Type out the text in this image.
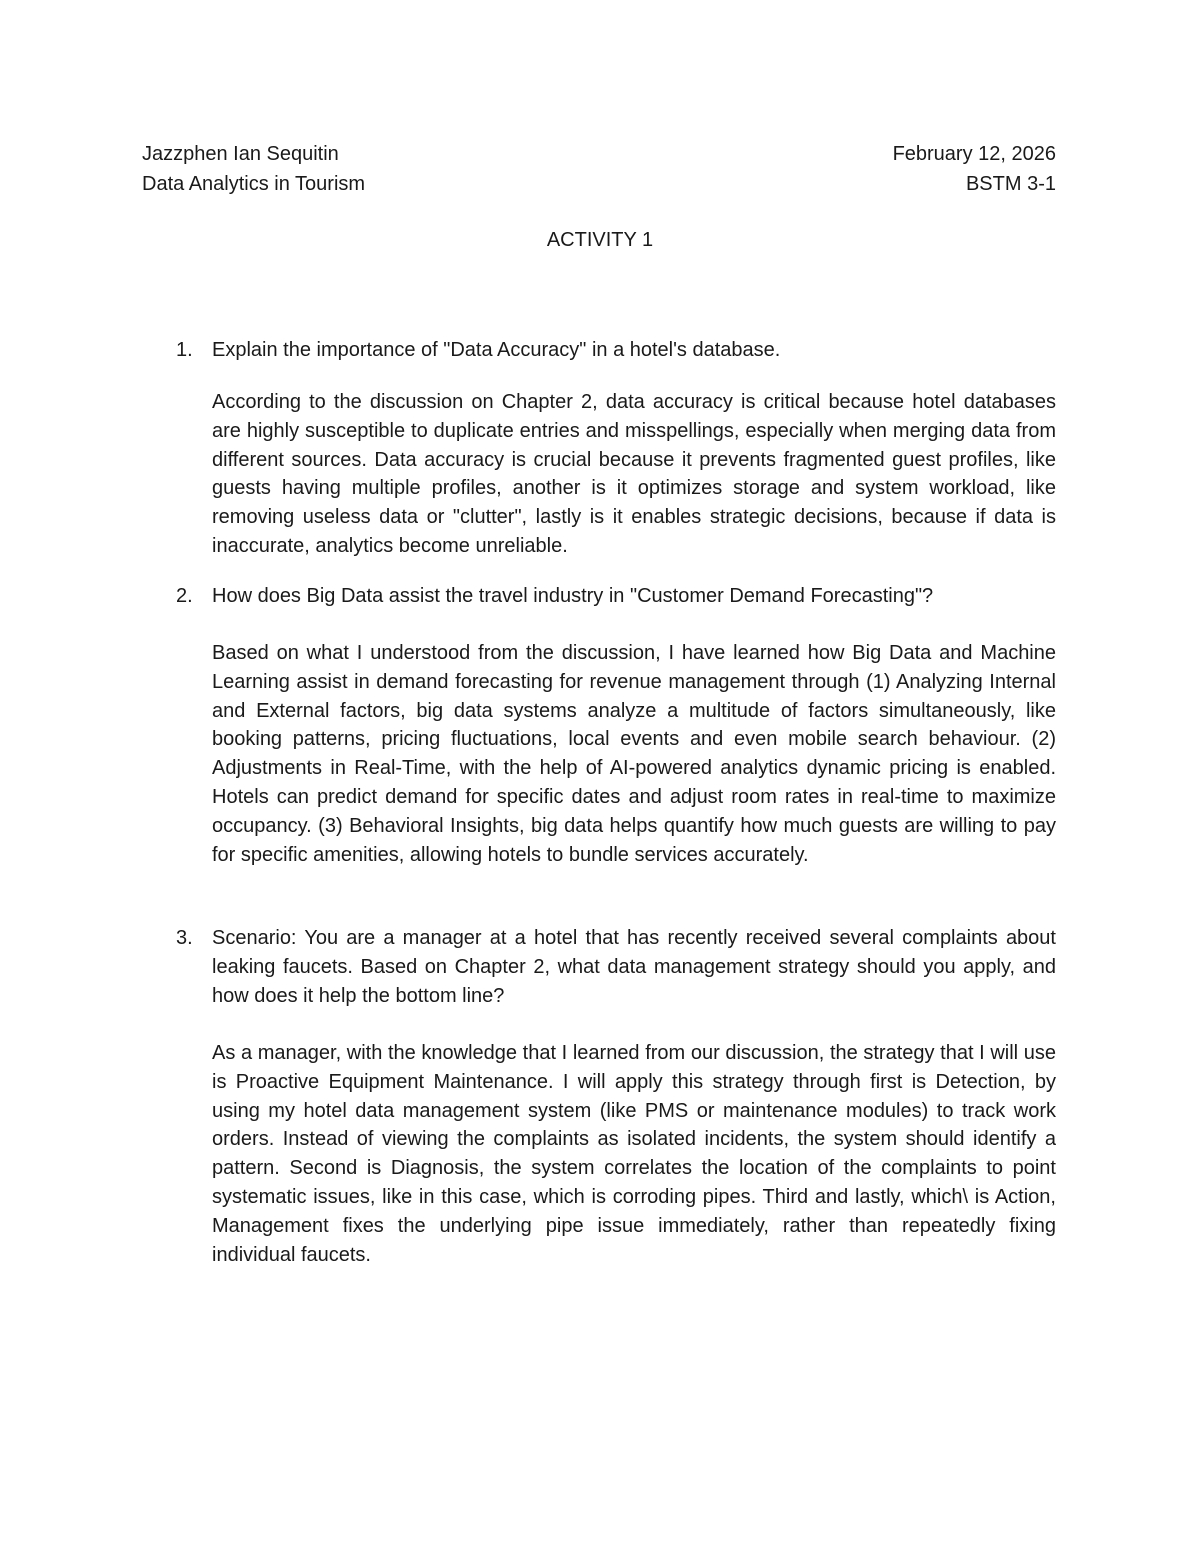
Jazzphen Ian Sequitin	February 12, 2026
Data Analytics in Tourism	BSTM 3-1
ACTIVITY 1
1. Explain the importance of "Data Accuracy" in a hotel's database.
According to the discussion on Chapter 2, data accuracy is critical because hotel databases are highly susceptible to duplicate entries and misspellings, especially when merging data from different sources. Data accuracy is crucial because it prevents fragmented guest profiles, like guests having multiple profiles, another is it optimizes storage and system workload, like removing useless data or "clutter", lastly is it enables strategic decisions, because if data is inaccurate, analytics become unreliable.
2. How does Big Data assist the travel industry in "Customer Demand Forecasting"?
Based on what I understood from the discussion, I have learned how Big Data and Machine Learning assist in demand forecasting for revenue management through (1) Analyzing Internal and External factors, big data systems analyze a multitude of factors simultaneously, like booking patterns, pricing fluctuations, local events and even mobile search behaviour. (2) Adjustments in Real-Time, with the help of AI-powered analytics dynamic pricing is enabled. Hotels can predict demand for specific dates and adjust room rates in real-time to maximize occupancy. (3) Behavioral Insights, big data helps quantify how much guests are willing to pay for specific amenities, allowing hotels to bundle services accurately.
3. Scenario: You are a manager at a hotel that has recently received several complaints about leaking faucets. Based on Chapter 2, what data management strategy should you apply, and how does it help the bottom line?
As a manager, with the knowledge that I learned from our discussion, the strategy that I will use is Proactive Equipment Maintenance. I will apply this strategy through first is Detection, by using my hotel data management system (like PMS or maintenance modules) to track work orders. Instead of viewing the complaints as isolated incidents, the system should identify a pattern. Second is Diagnosis, the system correlates the location of the complaints to point systematic issues, like in this case, which is corroding pipes. Third and lastly, which\ is Action, Management fixes the underlying pipe issue immediately, rather than repeatedly fixing individual faucets.
